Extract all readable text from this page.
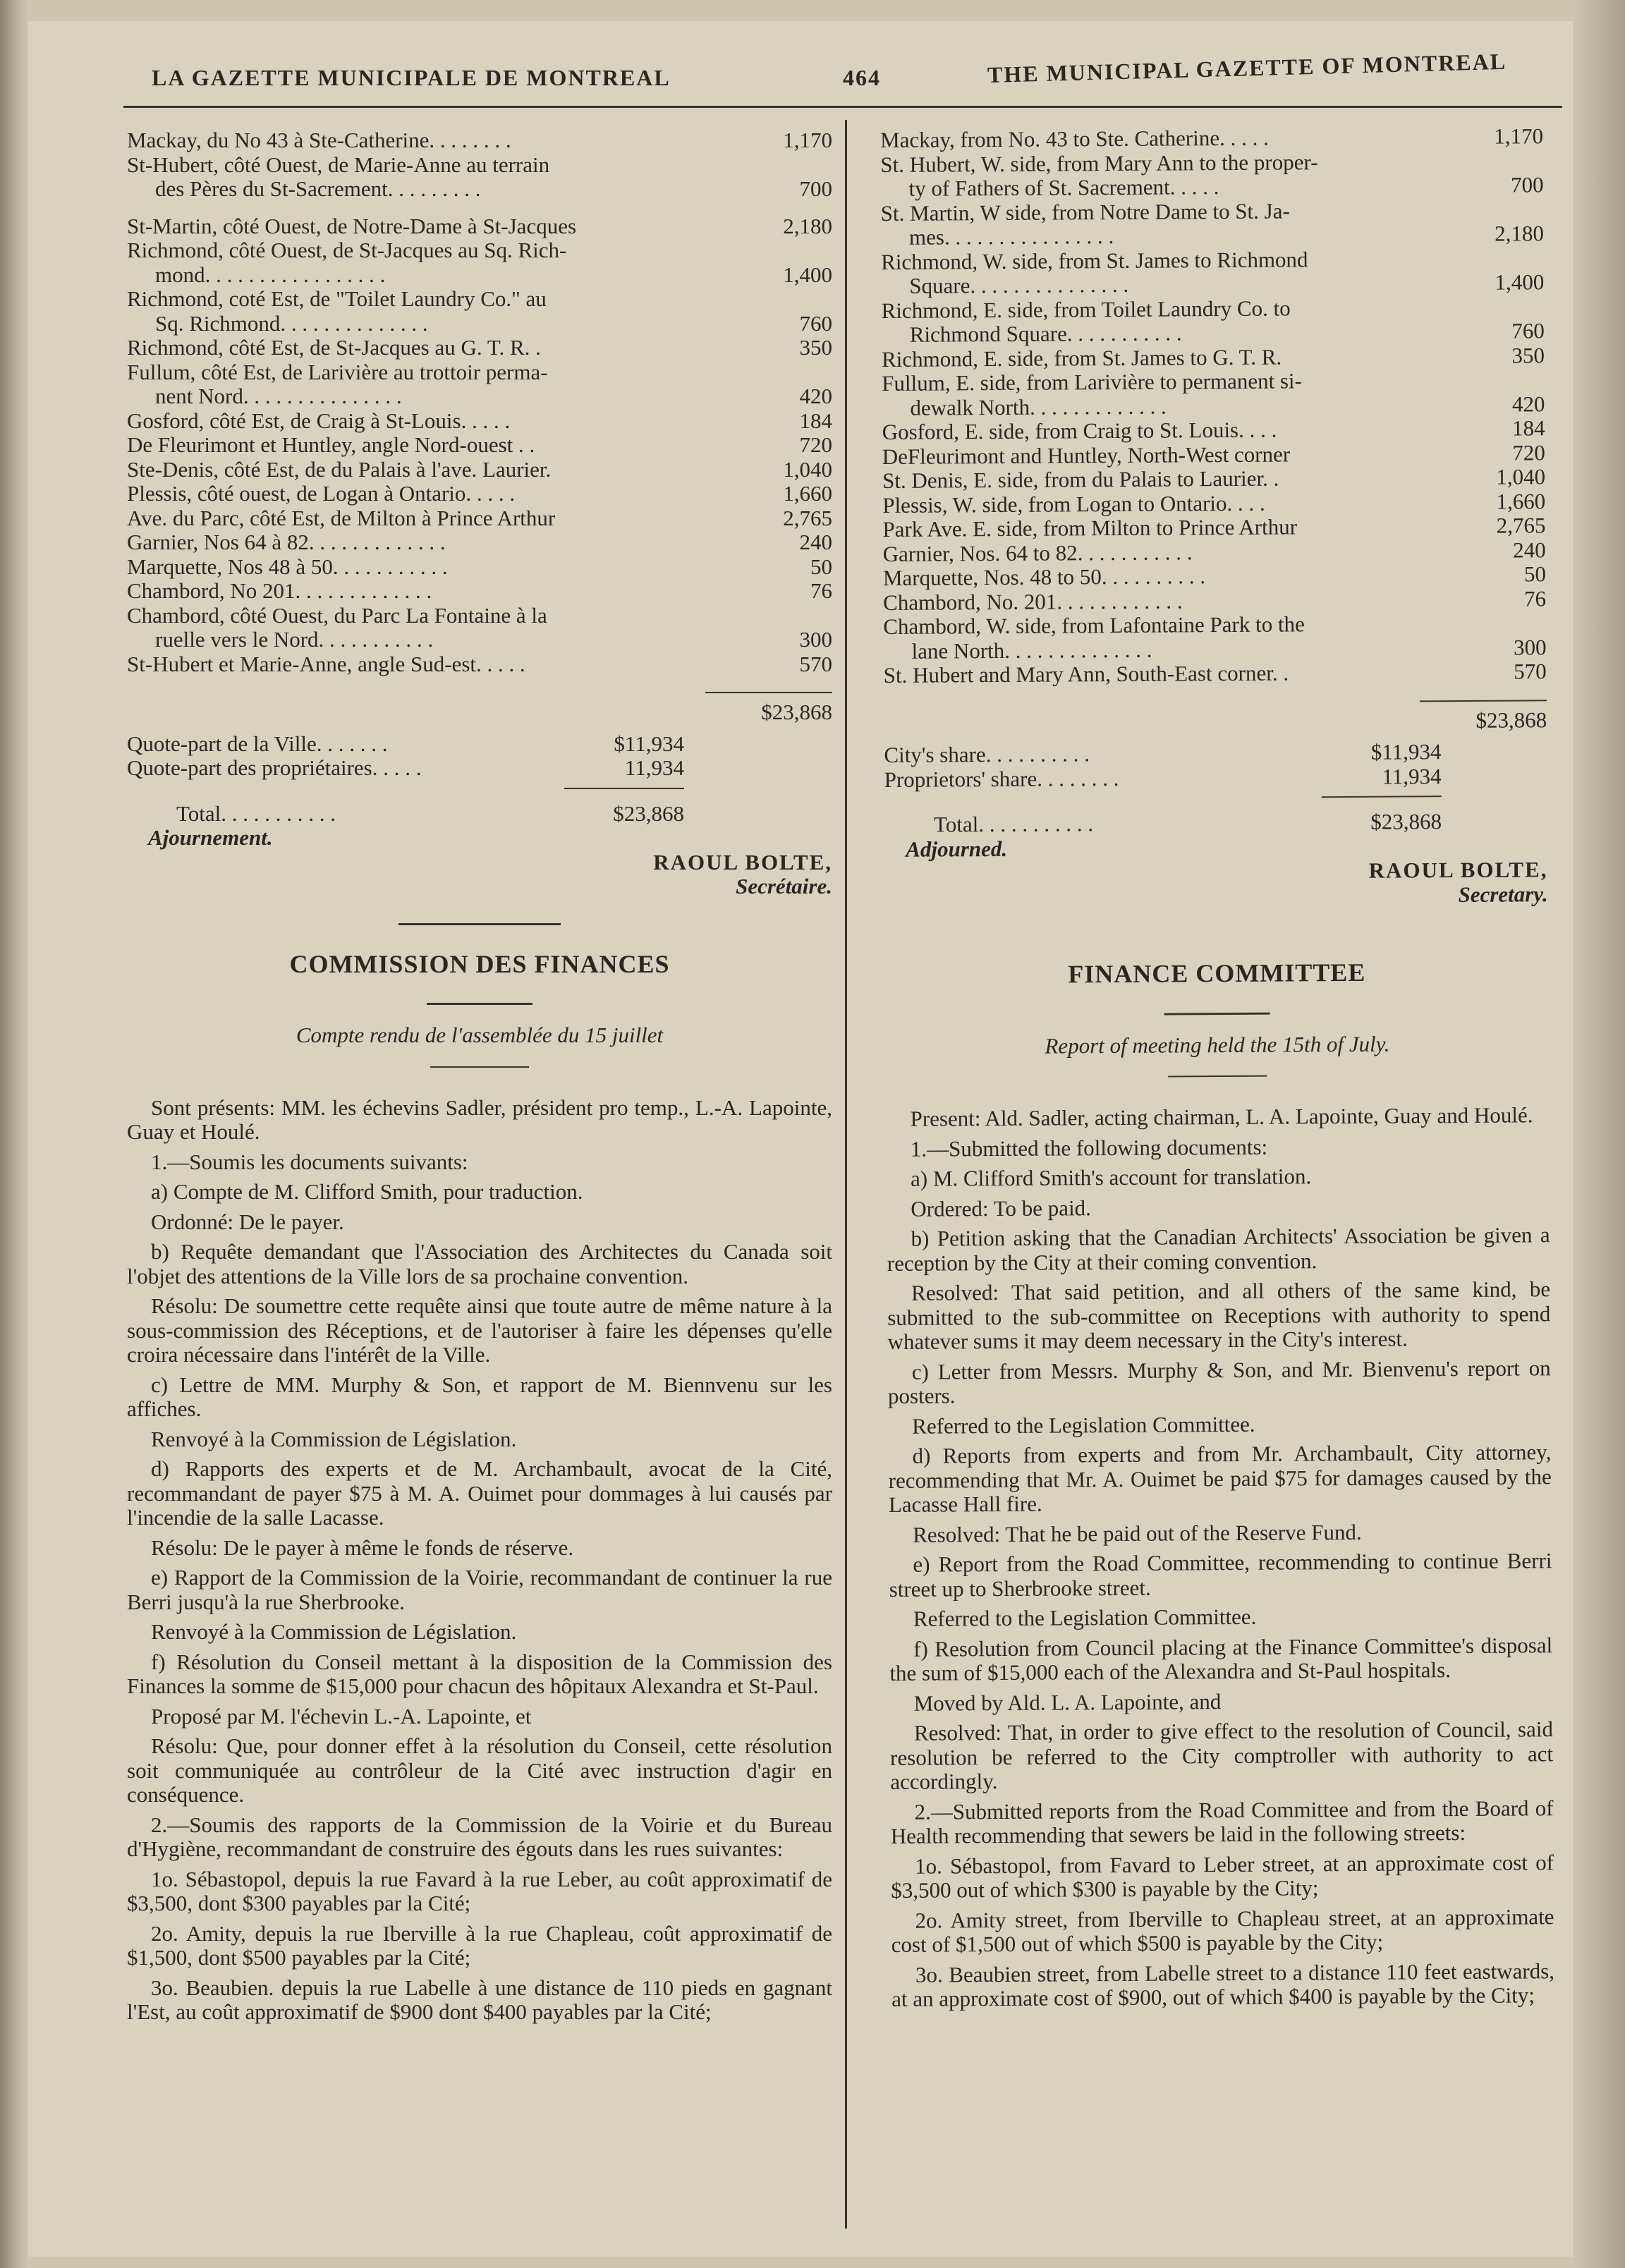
LA GAZETTE MUNICIPALE DE MONTREAL	464	THE MUNICIPAL GAZETTE OF MONTREAL
Mackay, du No 43 à Ste-Catherine. . . . . . . .	1,170
St-Hubert, côté Ouest, de Marie-Anne au terrain
des Pères du St-Sacrement. . . . . . . . .	700
St-Martin, côté Ouest, de Notre-Dame à St-Jacques	2,180
Richmond, côté Ouest, de St-Jacques au Sq. Rich-
mond. . . . . . . . . . . . . . . . .	1,400
Richmond, coté Est, de "Toilet Laundry Co." au
Sq. Richmond. . . . . . . . . . . . . .	760
Richmond, côté Est, de St-Jacques au G. T. R. .	350
Fullum, côté Est, de Larivière au trottoir perma-
nent Nord. . . . . . . . . . . . . . .	420
Gosford, côté Est, de Craig à St-Louis. . . . .	184
De Fleurimont et Huntley, angle Nord-ouest . .	720
Ste-Denis, côté Est, de du Palais à l'ave. Laurier.	1,040
Plessis, côté ouest, de Logan à Ontario. . . . .	1,660
Ave. du Parc, côté Est, de Milton à Prince Arthur	2,765
Garnier, Nos 64 à 82. . . . . . . . . . . . .	240
Marquette, Nos 48 à 50. . . . . . . . . . .	50
Chambord, No 201. . . . . . . . . . . . .	76
Chambord, côté Ouest, du Parc La Fontaine à la
ruelle vers le Nord. . . . . . . . . . .	300
St-Hubert et Marie-Anne, angle Sud-est. . . . .	570
$23,868
Quote-part de la Ville. . . . . . .	$11,934
Quote-part des propriétaires. . . . .	11,934
Total. . . . . . . . . . .	$23,868
Ajournement.
RAOUL BOLTE,
Secrétaire.
COMMISSION DES FINANCES
Compte rendu de l'assemblée du 15 juillet

Sont présents: MM. les échevins Sadler, président pro temp., L.-A. Lapointe, Guay et Houlé.

1.—Soumis les documents suivants:

a) Compte de M. Clifford Smith, pour traduction.

Ordonné: De le payer.

b) Requête demandant que l'Association des Architectes du Canada soit l'objet des attentions de la Ville lors de sa prochaine convention.

Résolu: De soumettre cette requête ainsi que toute autre de même nature à la sous-commission des Réceptions, et de l'autoriser à faire les dépenses qu'elle croira nécessaire dans l'intérêt de la Ville.

c) Lettre de MM. Murphy & Son, et rapport de M. Biennvenu sur les affiches.

Renvoyé à la Commission de Législation.

d) Rapports des experts et de M. Archambault, avocat de la Cité, recommandant de payer $75 à M. A. Ouimet pour dommages à lui causés par l'incendie de la salle Lacasse.

Résolu: De le payer à même le fonds de réserve.

e) Rapport de la Commission de la Voirie, recommandant de continuer la rue Berri jusqu'à la rue Sherbrooke.

Renvoyé à la Commission de Législation.

f) Résolution du Conseil mettant à la disposition de la Commission des Finances la somme de $15,000 pour chacun des hôpitaux Alexandra et St-Paul.

Proposé par M. l'échevin L.-A. Lapointe, et

Résolu: Que, pour donner effet à la résolution du Conseil, cette résolution soit communiquée au contrôleur de la Cité avec instruction d'agir en conséquence.

2.—Soumis des rapports de la Commission de la Voirie et du Bureau d'Hygiène, recommandant de construire des égouts dans les rues suivantes:

1o. Sébastopol, depuis la rue Favard à la rue Leber, au coût approximatif de $3,500, dont $300 payables par la Cité;

2o. Amity, depuis la rue Iberville à la rue Chapleau, coût approximatif de $1,500, dont $500 payables par la Cité;

3o. Beaubien. depuis la rue Labelle à une distance de 110 pieds en gagnant l'Est, au coût approximatif de $900 dont $400 payables par la Cité;

Mackay, from No. 43 to Ste. Catherine. . . . .	1,170
St. Hubert, W. side, from Mary Ann to the proper-
ty of Fathers of St. Sacrement. . . . .	700
St. Martin, W side, from Notre Dame to St. Ja-
mes. . . . . . . . . . . . . . . .	2,180
Richmond, W. side, from St. James to Richmond
Square. . . . . . . . . . . . . . .	1,400
Richmond, E. side, from Toilet Laundry Co. to
Richmond Square. . . . . . . . . . .	760
Richmond, E. side, from St. James to G. T. R.	350
Fullum, E. side, from Larivière to permanent si-
dewalk North. . . . . . . . . . . . .	420
Gosford, E. side, from Craig to St. Louis. . . .	184
DeFleurimont and Huntley, North-West corner	720
St. Denis, E. side, from du Palais to Laurier. .	1,040
Plessis, W. side, from Logan to Ontario. . . .	1,660
Park Ave. E. side, from Milton to Prince Arthur	2,765
Garnier, Nos. 64 to 82. . . . . . . . . . .	240
Marquette, Nos. 48 to 50. . . . . . . . . .	50
Chambord, No. 201. . . . . . . . . . . .	76
Chambord, W. side, from Lafontaine Park to the
lane North. . . . . . . . . . . . . .	300
St. Hubert and Mary Ann, South-East corner. .	570
$23,868
City's share. . . . . . . . . .	$11,934
Proprietors' share. . . . . . . .	11,934
Total. . . . . . . . . . .	$23,868
Adjourned.
RAOUL BOLTE,
Secretary.
FINANCE COMMITTEE
Report of meeting held the 15th of July.

Present: Ald. Sadler, acting chairman, L. A. Lapointe, Guay and Houlé.

1.—Submitted the following documents:

a) M. Clifford Smith's account for translation.

Ordered: To be paid.

b) Petition asking that the Canadian Architects' Association be given a reception by the City at their coming convention.

Resolved: That said petition, and all others of the same kind, be submitted to the sub-committee on Receptions with authority to spend whatever sums it may deem necessary in the City's interest.

c) Letter from Messrs. Murphy & Son, and Mr. Bienvenu's report on posters.

Referred to the Legislation Committee.

d) Reports from experts and from Mr. Archambault, City attorney, recommending that Mr. A. Ouimet be paid $75 for damages caused by the Lacasse Hall fire.

Resolved: That he be paid out of the Reserve Fund.

e) Report from the Road Committee, recommending to continue Berri street up to Sherbrooke street.

Referred to the Legislation Committee.

f) Resolution from Council placing at the Finance Committee's disposal the sum of $15,000 each of the Alexandra and St-Paul hospitals.

Moved by Ald. L. A. Lapointe, and

Resolved: That, in order to give effect to the resolution of Council, said resolution be referred to the City comptroller with authority to act accordingly.

2.—Submitted reports from the Road Committee and from the Board of Health recommending that sewers be laid in the following streets:

1o. Sébastopol, from Favard to Leber street, at an approximate cost of $3,500 out of which $300 is payable by the City;

2o. Amity street, from Iberville to Chapleau street, at an approximate cost of $1,500 out of which $500 is payable by the City;

3o. Beaubien street, from Labelle street to a distance 110 feet eastwards, at an approximate cost of $900, out of which $400 is payable by the City;
